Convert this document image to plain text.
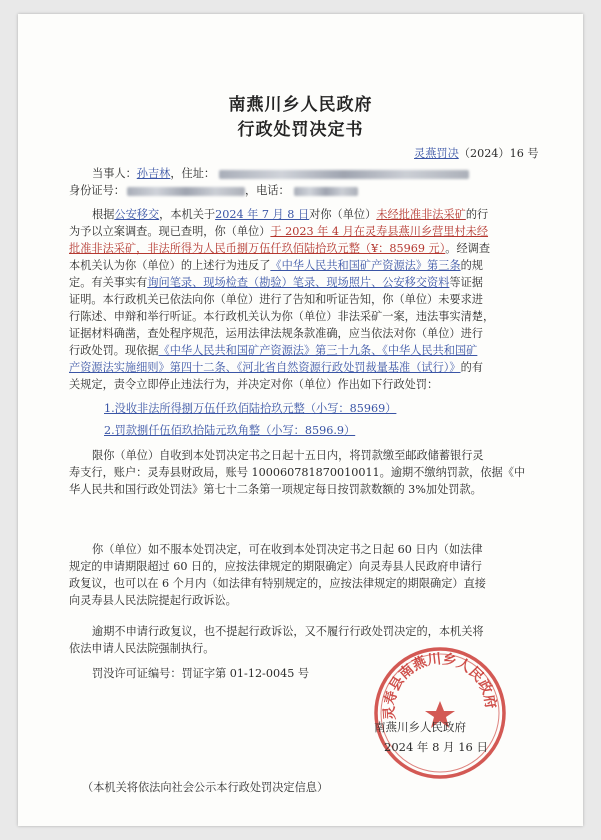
南燕川乡人民政府
行政处罚决定书
灵燕罚决（2024）16 号
当事人：孙吉林，住址：
身份证号：	，电话：
根据公安移交，本机关于2024 年 7 月 8 日对你（单位）未经批准非法采矿的行
为予以立案调查。现已查明，你（单位）于 2023 年 4 月在灵寿县燕川乡营里村未经
批准非法采矿，非法所得为人民币捌万伍仟玖佰陆拾玖元整（¥：85969 元）。经调查
本机关认为你（单位）的上述行为违反了《中华人民共和国矿产资源法》第三条的规
定。有关事实有询问笔录、现场检查（勘验）笔录、现场照片、公安移交资料等证据
证明。本行政机关已依法向你（单位）进行了告知和听证告知，你（单位）未要求进
行陈述、申辩和举行听证。本行政机关认为你（单位）非法采矿一案，违法事实清楚，
证据材料确凿，查处程序规范，运用法律法规条款准确，应当依法对你（单位）进行
行政处罚。现依据《中华人民共和国矿产资源法》第三十九条、《中华人民共和国矿
产资源法实施细则》第四十二条、《河北省自然资源行政处罚裁量基准（试行）》的有
关规定，责令立即停止违法行为，并决定对你（单位）作出如下行政处罚：
1.没收非法所得捌万伍仟玖佰陆拾玖元整（小写：85969）
2.罚款捌仟伍佰玖拾陆元玖角整（小写：8596.9）
限你（单位）自收到本处罚决定书之日起十五日内，将罚款缴至邮政储蓄银行灵
寿支行，账户：灵寿县财政局，账号 100060781870010011。逾期不缴纳罚款，依据《中
华人民共和国行政处罚法》第七十二条第一项规定每日按罚款数额的 3%加处罚款。
你（单位）如不服本处罚决定，可在收到本处罚决定书之日起 60 日内（如法律
规定的申请期限超过 60 日的，应按法律规定的期限确定）向灵寿县人民政府申请行
政复议，也可以在 6 个月内（如法律有特别规定的，应按法律规定的期限确定）直接
向灵寿县人民法院提起行政诉讼。
逾期不申请行政复议，也不提起行政诉讼，又不履行行政处罚决定的，本机关将
依法申请人民法院强制执行。
罚没许可证编号：罚证字第 01-12-0045 号
灵寿县南燕川乡人民政府
南燕川乡人民政府
2024 年 8 月 16 日
（本机关将依法向社会公示本行政处罚决定信息）
